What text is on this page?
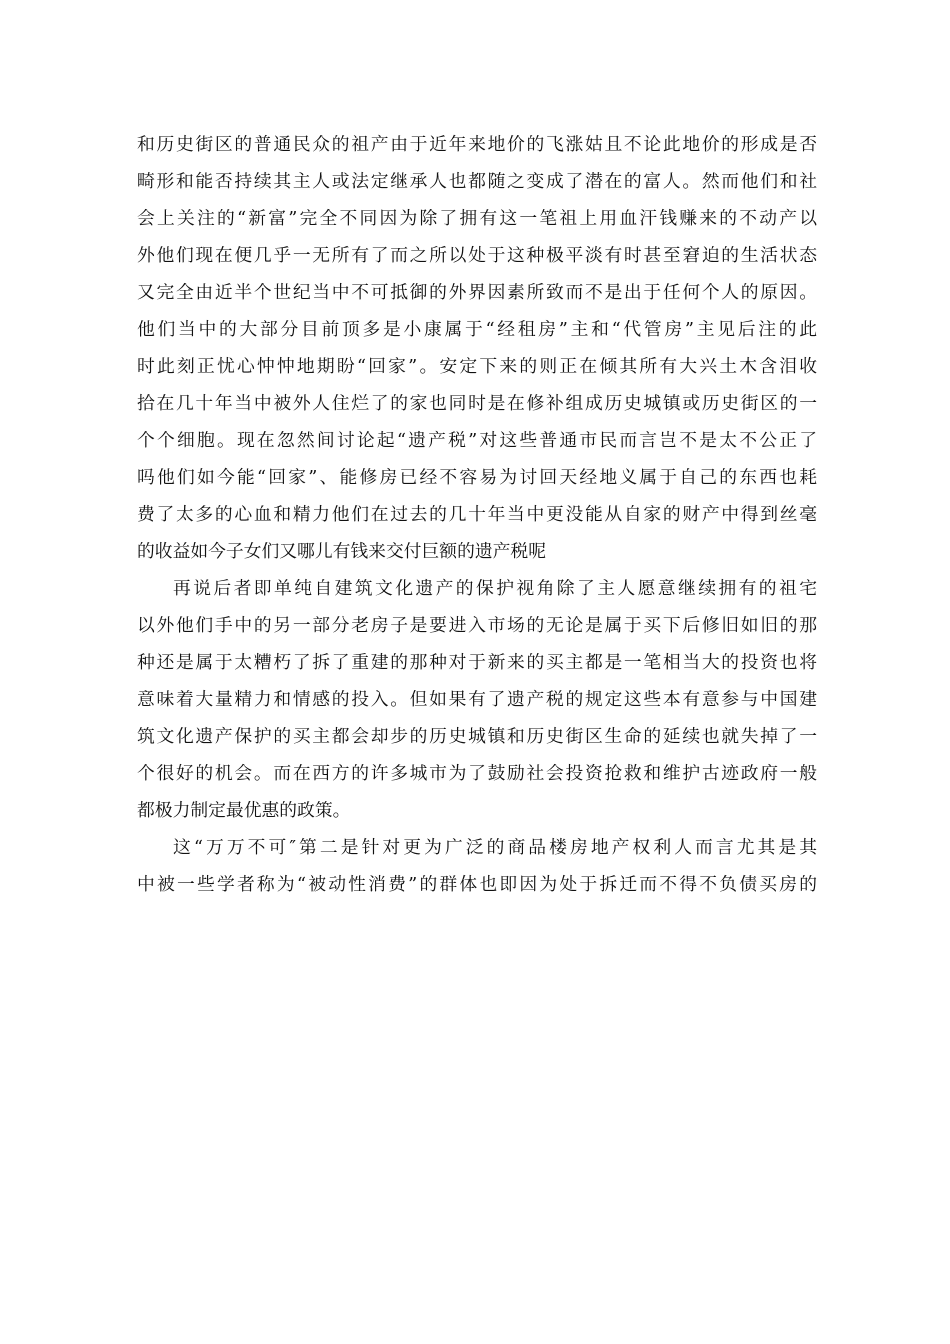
和历史街区的普通民众的祖产由于近年来地价的飞涨姑且不论此地价的形成是否

畸形和能否持续其主人或法定继承人也都随之变成了潜在的富人。然而他们和社

会上关注的“新富”完全不同因为除了拥有这一笔祖上用血汗钱赚来的不动产以

外他们现在便几乎一无所有了而之所以处于这种极平淡有时甚至窘迫的生活状态

又完全由近半个世纪当中不可抵御的外界因素所致而不是出于任何个人的原因。

他们当中的大部分目前顶多是小康属于“经租房”主和“代管房”主见后注的此

时此刻正忧心忡忡地期盼“回家”。安定下来的则正在倾其所有大兴土木含泪收

拾在几十年当中被外人住烂了的家也同时是在修补组成历史城镇或历史街区的一

个个细胞。现在忽然间讨论起“遗产税”对这些普通市民而言岂不是太不公正了

吗他们如今能“回家”、能修房已经不容易为讨回天经地义属于自己的东西也耗

费了太多的心血和精力他们在过去的几十年当中更没能从自家的财产中得到丝毫

的收益如今子女们又哪儿有钱来交付巨额的遗产税呢

再说后者即单纯自建筑文化遗产的保护视角除了主人愿意继续拥有的祖宅

以外他们手中的另一部分老房子是要进入市场的无论是属于买下后修旧如旧的那

种还是属于太糟朽了拆了重建的那种对于新来的买主都是一笔相当大的投资也将

意味着大量精力和情感的投入。但如果有了遗产税的规定这些本有意参与中国建

筑文化遗产保护的买主都会却步的历史城镇和历史街区生命的延续也就失掉了一

个很好的机会。而在西方的许多城市为了鼓励社会投资抢救和维护古迹政府一般

都极力制定最优惠的政策。

这“万万不可″第二是针对更为广泛的商品楼房地产权利人而言尤其是其

中被一些学者称为“被动性消费”的群体也即因为处于拆迁而不得不负债买房的
